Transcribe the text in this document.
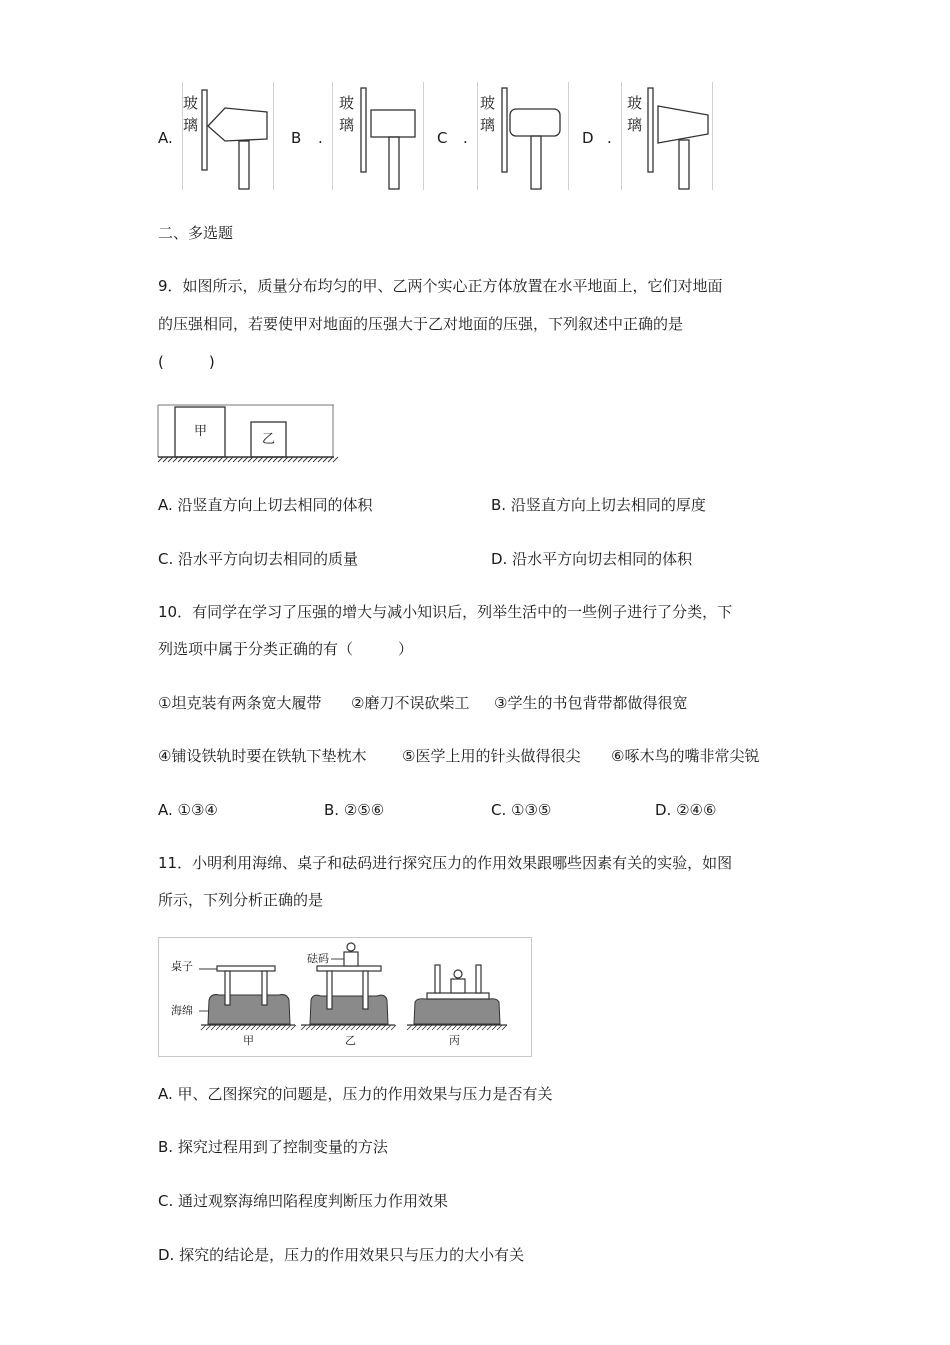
A.
玻
璃
B .
玻
璃
C .
玻
璃
D .
玻
璃
二、多选题
9．如图所示，质量分布均匀的甲、乙两个实心正方体放置在水平地面上，它们对地面
的压强相同，若要使甲对地面的压强大于乙对地面的压强，下列叙述中正确的是
(　　　)
甲
乙
A. 沿竖直方向上切去相同的体积	B. 沿竖直方向上切去相同的厚度
C. 沿水平方向切去相同的质量	D. 沿水平方向切去相同的体积
10．有同学在学习了压强的增大与减小知识后，列举生活中的一些例子进行了分类，下
列选项中属于分类正确的有（　　　）
①坦克装有两条宽大履带 ②磨刀不误砍柴工 ③学生的书包背带都做得很宽
④铺设铁轨时要在铁轨下垫枕木 ⑤医学上用的针头做得很尖 ⑥啄木鸟的嘴非常尖锐
A. ①③④	B. ②⑤⑥	C. ①③⑤	D. ②④⑥
11．小明利用海绵、桌子和砝码进行探究压力的作用效果跟哪些因素有关的实验，如图
所示，下列分析正确的是
桌子
海绵
砝码
甲	乙	丙
A. 甲、乙图探究的问题是，压力的作用效果与压力是否有关
B. 探究过程用到了控制变量的方法
C. 通过观察海绵凹陷程度判断压力作用效果
D. 探究的结论是，压力的作用效果只与压力的大小有关
